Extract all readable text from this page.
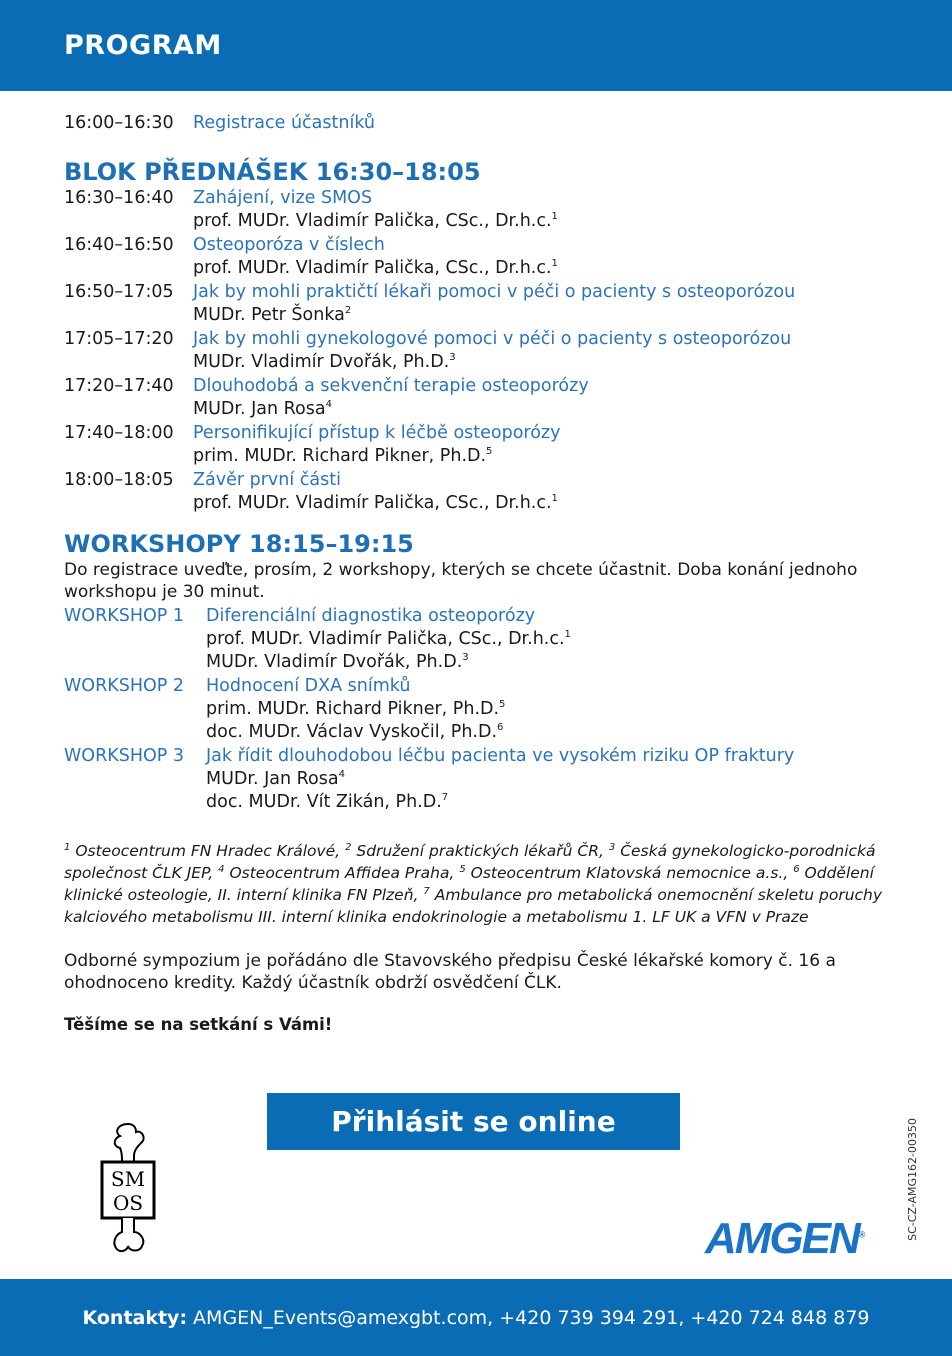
PROGRAM
16:00–16:30	Registrace účastníků
BLOK PŘEDNÁŠEK 16:30–18:05
16:30–16:40	Zahájení, vize SMOS
prof. MUDr. Vladimír Palička, CSc., Dr.h.c.$^1$
16:40–16:50	Osteoporóza v číslech
prof. MUDr. Vladimír Palička, CSc., Dr.h.c.$^1$
16:50–17:05	Jak by mohli praktičtí lékaři pomoci v péči o pacienty s osteoporózou
MUDr. Petr Šonka$^2$
17:05–17:20	Jak by mohli gynekologové pomoci v péči o pacienty s osteoporózou
MUDr. Vladimír Dvořák, Ph.D.$^3$
17:20–17:40	Dlouhodobá a sekvenční terapie osteoporózy
MUDr. Jan Rosa$^4$
17:40–18:00	Personifikující přístup k léčbě osteoporózy
prim. MUDr. Richard Pikner, Ph.D.$^5$
18:00–18:05	Závěr první části
prof. MUDr. Vladimír Palička, CSc., Dr.h.c.$^1$
WORKSHOPY 18:15–19:15
Do registrace uveďte, prosím, 2 workshopy, kterých se chcete účastnit. Doba konání jednoho workshopu je 30 minut.
WORKSHOP 1	Diferenciální diagnostika osteoporózy
prof. MUDr. Vladimír Palička, CSc., Dr.h.c.$^1$
MUDr. Vladimír Dvořák, Ph.D.$^3$
WORKSHOP 2	Hodnocení DXA snímků
prim. MUDr. Richard Pikner, Ph.D.$^5$
doc. MUDr. Václav Vyskočil, Ph.D.$^6$
WORKSHOP 3	Jak řídit dlouhodobou léčbu pacienta ve vysokém riziku OP fraktury
MUDr. Jan Rosa$^4$
doc. MUDr. Vít Zikán, Ph.D.$^7$
$^1$ Osteocentrum FN Hradec Králové, $^2$ Sdružení praktických lékařů ČR, $^3$ Česká gynekologicko-porodnická společnost ČLK JEP, $^4$ Osteocentrum Affidea Praha, $^5$ Osteocentrum Klatovská nemocnice a.s., $^6$ Oddělení klinické osteologie, II. interní klinika FN Plzeň, $^7$ Ambulance pro metabolická onemocnění skeletu poruchy kalciového metabolismu III. interní klinika endokrinologie a metabolismu 1. LF UK a VFN v Praze
Odborné sympozium je pořádáno dle Stavovského předpisu České lékařské komory č. 16 a ohodnoceno kredity. Každý účastník obdrží osvědčení ČLK.
Těšíme se na setkání s Vámi!
Přihlásit se online
SM
OS
AMGEN®	SC-CZ-AMG162-00350
Kontakty: AMGEN_Events@amexgbt.com, +420 739 394 291, +420 724 848 879
